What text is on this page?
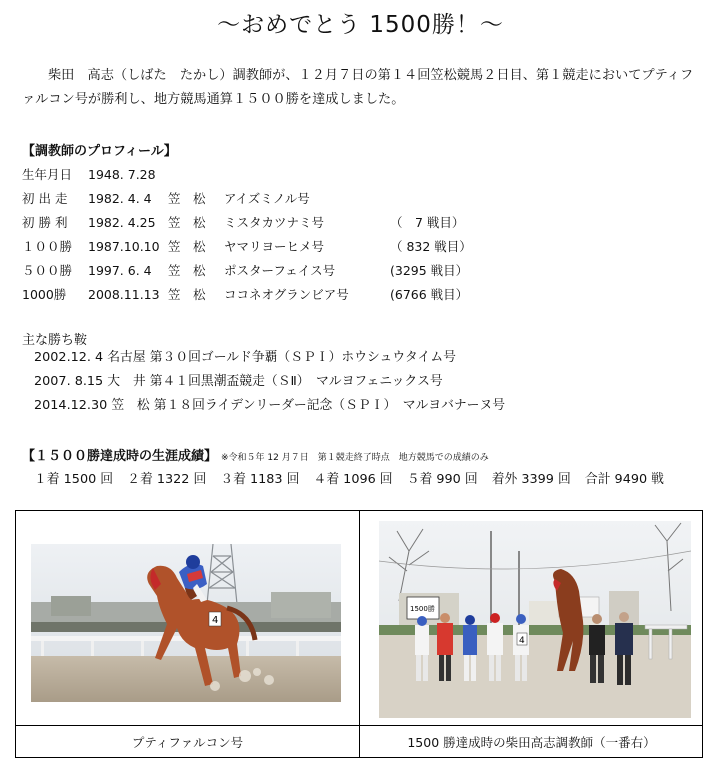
〜おめでとう 1500勝！〜
柴田　高志（しばた　たかし）調教師が、１２月７日の第１４回笠松競馬２日目、第１競走においてプティファルコン号が勝利し、地方競馬通算１５００勝を達成しました。
【調教師のプロフィール】
生年月日 1948. 7.28
初 出 走 1982. 4. 4 笠　松 アイズミノル号
初 勝 利 1982. 4.25 笠　松 ミスタカツナミ号	（　7 戦目）
１００勝 1987.10.10 笠　松 ヤマリヨーヒメ号	（ 832 戦目）
５００勝 1997. 6. 4 笠　松 ポスターフェイス号	(3295 戦目）
1000勝 2008.11.13 笠　松 ココネオグランビア号	(6766 戦目）
主な勝ち鞍
2002.12. 4 名古屋 第３０回ゴールド争覇（ＳＰＩ）ホウシュウタイム号
2007. 8.15 大　井 第４１回黒潮盃競走（ＳⅡ）　マルヨフェニックス号
2014.12.30 笠　松 第１８回ライデンリーダー記念（ＳＰＩ）　マルヨバナーヌ号
【１５００勝達成時の生涯成績】 ※令和５年 12 月７日　第１競走終了時点　地方競馬での成績のみ
１着 1500 回 ２着 1322 回 ３着 1183 回 ４着 1096 回 ５着 990 回 着外 3399 回 合計 9490 戦
4
1500勝
4
プティファルコン号	1500 勝達成時の柴田高志調教師（一番右）
